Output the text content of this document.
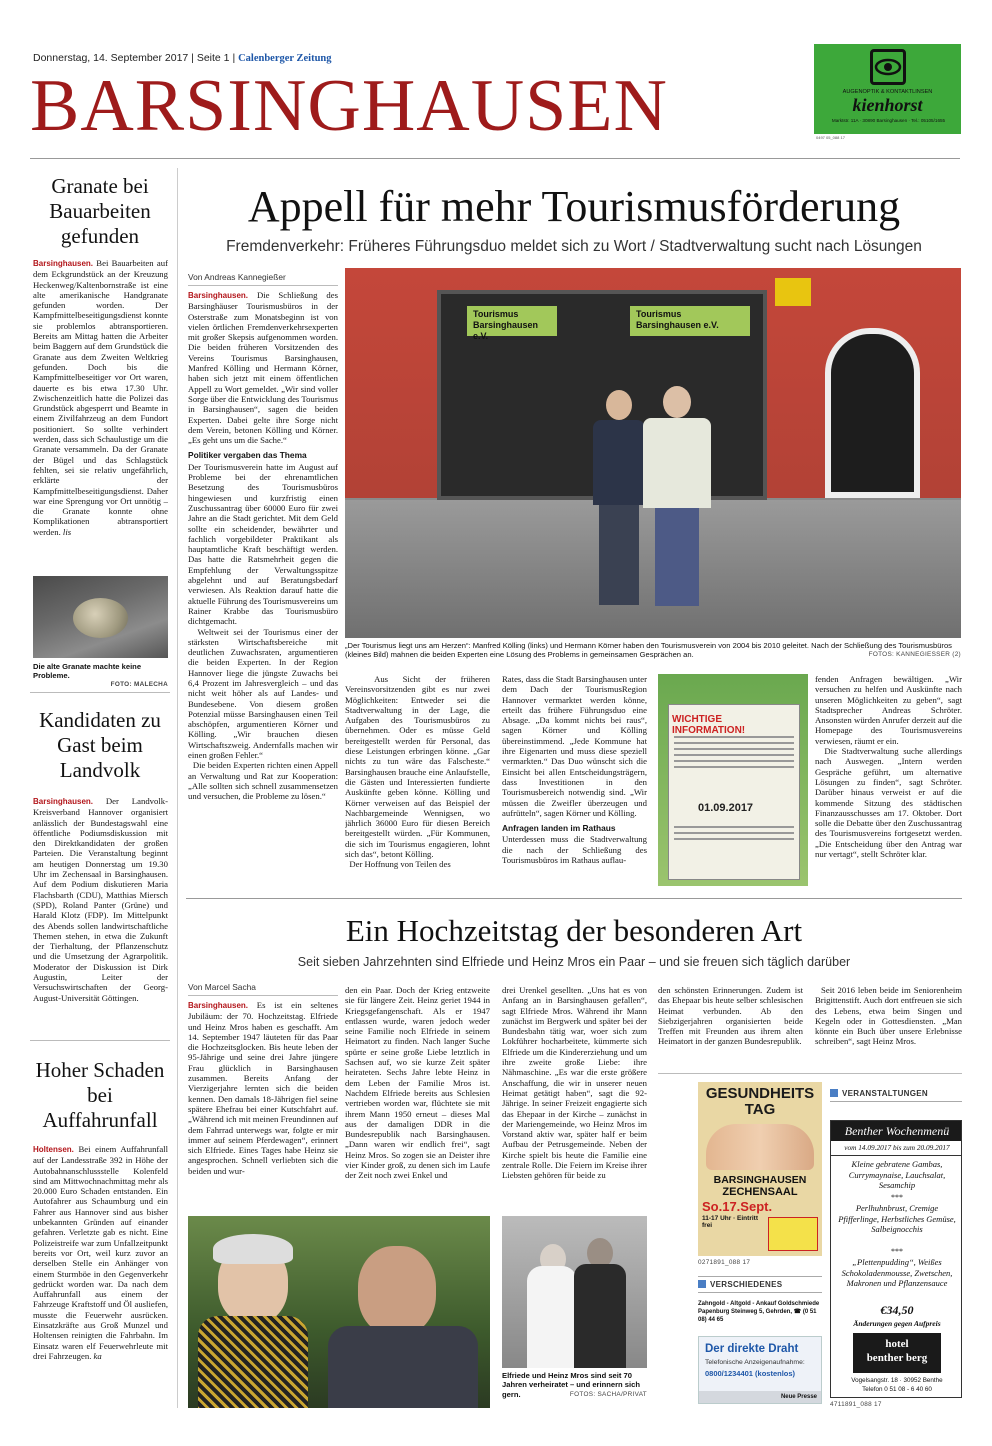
Donnerstag, 14. September 2017 | Seite 1 | Calenberger Zeitung
BARSINGHAUSEN	AUGENOPTIK & KONTAKTLINSEN
kienhorst
Marktstr. 11A · 30890 Barsinghausen · Tel.: 05105/1655
0497 05_088 17
Granate bei Bauarbeiten gefunden
Barsinghausen. Bei Bauarbeiten auf dem Eckgrundstück an der Kreuzung Heckenweg/Kaltenbornstraße ist eine alte amerikanische Handgranate gefunden worden. Der Kampfmittelbeseitigungsdienst konnte sie problemlos abtransportieren. Bereits am Mittag hatten die Arbeiter beim Baggern auf dem Grundstück die Granate aus dem Zweiten Weltkrieg gefunden. Doch bis die Kampfmittelbeseitiger vor Ort waren, dauerte es bis etwa 17.30 Uhr. Zwischenzeitlich hatte die Polizei das Grundstück abgesperrt und Beamte in einem Zivilfahrzeug an dem Fundort positioniert. So sollte verhindert werden, dass sich Schaulustige um die Granate versammeln. Da der Granate der Bügel und das Schlagstück fehlten, sei sie relativ ungefährlich, erklärte der Kampfmittelbeseitigungsdienst. Daher war eine Sprengung vor Ort unnötig – die Granate konnte ohne Komplikationen abtransportiert werden. lis
Die alte Granate machte keine Probleme.
FOTO: MALECHA
Kandidaten zu Gast beim Landvolk
Barsinghausen. Der Landvolk-Kreisverband Hannover organisiert anlässlich der Bundestagswahl eine öffentliche Podiumsdiskussion mit den Direktkandidaten der großen Parteien. Die Veranstaltung beginnt am heutigen Donnerstag um 19.30 Uhr im Zechensaal in Barsinghausen. Auf dem Podium diskutieren Maria Flachsbarth (CDU), Matthias Miersch (SPD), Roland Panter (Grüne) und Harald Klotz (FDP). Im Mittelpunkt des Abends sollen landwirtschaftliche Themen stehen, in etwa die Zukunft der Tierhaltung, der Pflanzenschutz und die Umsetzung der Agrarpolitik. Moderator der Diskussion ist Dirk Augustin, Leiter der Versuchswirtschaften der Georg-August-Universität Göttingen.
Hoher Schaden bei Auffahrunfall
Holtensen. Bei einem Auffahrunfall auf der Landesstraße 392 in Höhe der Autobahnanschlussstelle Kolenfeld sind am Mittwochnachmittag mehr als 20.000 Euro Schaden entstanden. Ein Autofahrer aus Schaumburg und ein Fahrer aus Hannover sind aus bisher unbekannten Gründen auf einander gefahren. Verletzte gab es nicht. Eine Polizeistreife war zum Unfallzeitpunkt bereits vor Ort, weil kurz zuvor an derselben Stelle ein Anhänger von einem Sturmböe in den Gegenverkehr gedrückt worden war. Da nach dem Auffahrunfall aus einem der Fahrzeuge Kraftstoff und Öl ausliefen, musste die Feuerwehr ausrücken. Einsatzkräfte aus Groß Munzel und Holtensen reinigten die Fahrbahn. Im Einsatz waren elf Feuerwehrleute mit drei Fahrzeugen. ka
Appell für mehr Tourismusförderung
Fremdenverkehr: Früheres Führungsduo meldet sich zu Wort / Stadtverwaltung sucht nach Lösungen
Von Andreas Kannegießer
Barsinghausen. Die Schließung des Barsinghäuser Tourismusbüros in der Osterstraße zum Monatsbeginn ist von vielen örtlichen Fremdenverkehrsexperten mit großer Skepsis aufgenommen worden. Die beiden früheren Vorsitzenden des Vereins Tourismus Barsinghausen, Manfred Kölling und Hermann Körner, haben sich jetzt mit einem öffentlichen Appell zu Wort gemeldet. „Wir sind voller Sorge über die Entwicklung des Tourismus in Barsinghausen“, sagen die beiden Experten. Dabei gelte ihre Sorge nicht dem Verein, betonen Kölling und Körner. „Es geht uns um die Sache.“
Politiker vergaben das Thema
Der Tourismusverein hatte im August auf Probleme bei der ehrenamtlichen Besetzung des Tourismusbüros hingewiesen und kurzfristig einen Zuschussantrag über 60000 Euro für zwei Jahre an die Stadt gerichtet. Mit dem Geld sollte ein scheidender, bewährter und fachlich vorgebildeter Praktikant als hauptamtliche Kraft beschäftigt werden. Das hatte die Ratsmehrheit gegen die Empfehlung der Verwaltungsspitze abgelehnt und auf Beratungsbedarf verwiesen. Als Reaktion darauf hatte die aktuelle Führung des Tourismusvereins um Rainer Krabbe das Tourismusbüro dichtgemacht.
Weltweit sei der Tourismus einer der stärksten Wirtschaftsbereiche mit deutlichen Zuwachsraten, argumentieren die beiden Experten. In der Region Hannover liege die jüngste Zuwachs bei 6,4 Prozent im Jahresvergleich – und das nicht weit höher als auf Landes- und Bundesebene. Von diesem großen Potenzial müsse Barsinghausen einen Teil abschöpfen, argumentieren Körner und Kölling. „Wir brauchen diesen Wirtschaftszweig. Andernfalls machen wir einen großen Fehler.“
Die beiden Experten richten einen Appell an Verwaltung und Rat zur Kooperation: „Alle sollten sich schnell zusammensetzen und versuchen, die Probleme zu lösen.“
Tourismus
Barsinghausen e.V.
Tourismus
Barsinghausen e.V.
„Der Tourismus liegt uns am Herzen“: Manfred Kölling (links) und Hermann Körner haben den Tourismusverein von 2004 bis 2010 geleitet. Nach der Schließung des Tourismusbüros (kleines Bild) mahnen die beiden Experten eine Lösung des Problems in gemeinsamen Gesprächen an.	FOTOS: KANNEGIESSER (2)
Aus Sicht der früheren Vereinsvorsitzenden gibt es nur zwei Möglichkeiten: Entweder sei die Stadtverwaltung in der Lage, die Aufgaben des Tourismusbüros zu übernehmen. Oder es müsse Geld bereitgestellt werden für Personal, das diese Leistungen erbringen könne. „Gar nichts zu tun wäre das Falscheste.“ Barsinghausen brauche eine Anlaufstelle, die Gästen und Interessierten fundierte Auskünfte geben könne. Kölling und Körner verweisen auf das Beispiel der Nachbargemeinde Wennigsen, wo jährlich 36000 Euro für diesen Bereich bereitgestellt würden. „Für Kommunen, die sich im Tourismus engagieren, lohnt sich das“, betont Kölling.
Der Hoffnung von Teilen des
Rates, dass die Stadt Barsinghausen unter dem Dach der TourismusRegion Hannover vermarktet werden könne, erteilt das frühere Führungsduo eine Absage. „Da kommt nichts bei raus“, sagen Körner und Kölling übereinstimmend. „Jede Kommune hat ihre Eigenarten und muss diese speziell vermarkten.“ Das Duo wünscht sich die Einsicht bei allen Entscheidungsträgern, dass Investitionen in den Tourismusbereich notwendig sind. „Wir müssen die Zweifler überzeugen und aufrütteln“, sagen Körner und Kölling.
Anfragen landen im Rathaus
Unterdessen muss die Stadtverwaltung die nach der Schließung des Tourismusbüros im Rathaus auflau-
WICHTIGE INFORMATION!
01.09.2017
fenden Anfragen bewältigen. „Wir versuchen zu helfen und Auskünfte nach unseren Möglichkeiten zu geben“, sagt Stadtsprecher Andreas Schröter. Ansonsten würden Anrufer derzeit auf die Homepage des Tourismusvereins verwiesen, räumt er ein.
Die Stadtverwaltung suche allerdings nach Auswegen. „Intern werden Gespräche geführt, um alternative Lösungen zu finden“, sagt Schröter. Darüber hinaus verweist er auf die kommende Sitzung des städtischen Finanzausschusses am 17. Oktober. Dort solle die Debatte über den Zuschussantrag des Tourismusvereins fortgesetzt werden. „Die Entscheidung über den Antrag war nur vertagt“, stellt Schröter klar.
Ein Hochzeitstag der besonderen Art
Seit sieben Jahrzehnten sind Elfriede und Heinz Mros ein Paar – und sie freuen sich täglich darüber
Von Marcel Sacha
Barsinghausen. Es ist ein seltenes Jubiläum: der 70. Hochzeitstag. Elfriede und Heinz Mros haben es geschafft. Am 14. September 1947 läuteten für das Paar die Hochzeitsglocken. Bis heute leben der 95-Jährige und seine drei Jahre jüngere Frau glücklich in Barsinghausen zusammen. Bereits Anfang der Vierzigerjahre lernten sich die beiden kennen. Den damals 18-Jährigen fiel seine spätere Ehefrau bei einer Kutschfahrt auf. „Während ich mit meinen Freundinnen auf dem Fahrrad unterwegs war, folgte er mir immer auf seinem Pferdewagen“, erinnert sich Elfriede. Eines Tages habe Heinz sie angesprochen. Schnell verliebten sich die beiden und wur-
den ein Paar. Doch der Krieg entzweite sie für längere Zeit. Heinz geriet 1944 in Kriegsgefangenschaft. Als er 1947 entlassen wurde, waren jedoch weder seine Familie noch Elfriede in seinem Heimatort zu finden. Nach langer Suche spürte er seine große Liebe letztlich in Sachsen auf, wo sie kurze Zeit später heirateten. Sechs Jahre lebte Heinz in dem Leben der Familie Mros ist. Nachdem Elfriede bereits aus Schlesien vertrieben worden war, flüchtete sie mit ihrem Mann 1950 erneut – dieses Mal aus der damaligen DDR in die Bundesrepublik nach Barsinghausen. „Dann waren wir endlich frei“, sagt Heinz Mros. So zogen sie an Deister ihre vier Kinder groß, zu denen sich im Laufe der Zeit noch zwei Enkel und
drei Urenkel gesellten. „Uns hat es von Anfang an in Barsinghausen gefallen“, sagt Elfriede Mros. Während ihr Mann zunächst im Bergwerk und später bei der Bundesbahn tätig war, woer sich zum Lokführer hocharbeitete, kümmerte sich Elfriede um die Kindererziehung und um ihre zweite große Liebe: ihre Nähmaschine. „Es war die erste größere Anschaffung, die wir in unserer neuen Heimat getätigt haben“, sagt die 92-Jährige. In seiner Freizeit engagierte sich das Ehepaar in der Kirche – zunächst in der Mariengemeinde, wo Heinz Mros im Vorstand aktiv war, später half er beim Aufbau der Petrusgemeinde. Neben der Kirche spielt bis heute die Familie eine zentrale Rolle. Die Feiern im Kreise ihrer Liebsten gehören für beide zu
den schönsten Erinnerungen. Zudem ist das Ehepaar bis heute selber schlesischen Heimat verbunden. Ab den Siebzigerjahren organisierten beide Treffen mit Freunden aus ihrem alten Heimatort in der ganzen Bundesrepublik.
Seit 2016 leben beide im Seniorenheim Brigittenstift. Auch dort entfreuen sie sich des Lebens, etwa beim Singen und Kegeln oder in Gottesdiensten. „Man könnte ein Buch über unsere Erlebnisse schreiben“, sagt Heinz Mros.
Elfriede und Heinz Mros sind seit 70 Jahren verheiratet – und erinnern sich gern.	FOTOS: SACHA/PRIVAT
GESUNDHEITS
TAG
BARSINGHAUSEN
ZECHENSAAL
So.17.Sept.
11-17 Uhr · Eintritt frei
0271891_088 17
VERSCHIEDENES
Zahngold - Altgold - Ankauf Goldschmiede Papenburg Steinweg 5, Gehrden, ☎ (0 51 08) 44 65
Der direkte Draht
Telefonische Anzeigenaufnahme:
0800/1234401 (kostenlos)
Neue Presse
VERANSTALTUNGEN
Benther Wochenmenü
vom 14.09.2017 bis zum 20.09.2017
Kleine gebratene Gambas, Currymaynaise, Lauchsalat, Sesamchip
***
Perlhuhnbrust, Cremige Pfifferlinge, Herbstliches Gemüse, Salbeignocchis
***
„Plettenpudding“, Weißes Schokoladenmousse, Zwetschen, Makronen und Pflanzensauce
€34,50
Änderungen gegen Aufpreis
hotel
benther berg
Vogelsangstr. 18 · 30952 Benthe
Telefon 0 51 08 - 6 40 60
4711891_088 17
